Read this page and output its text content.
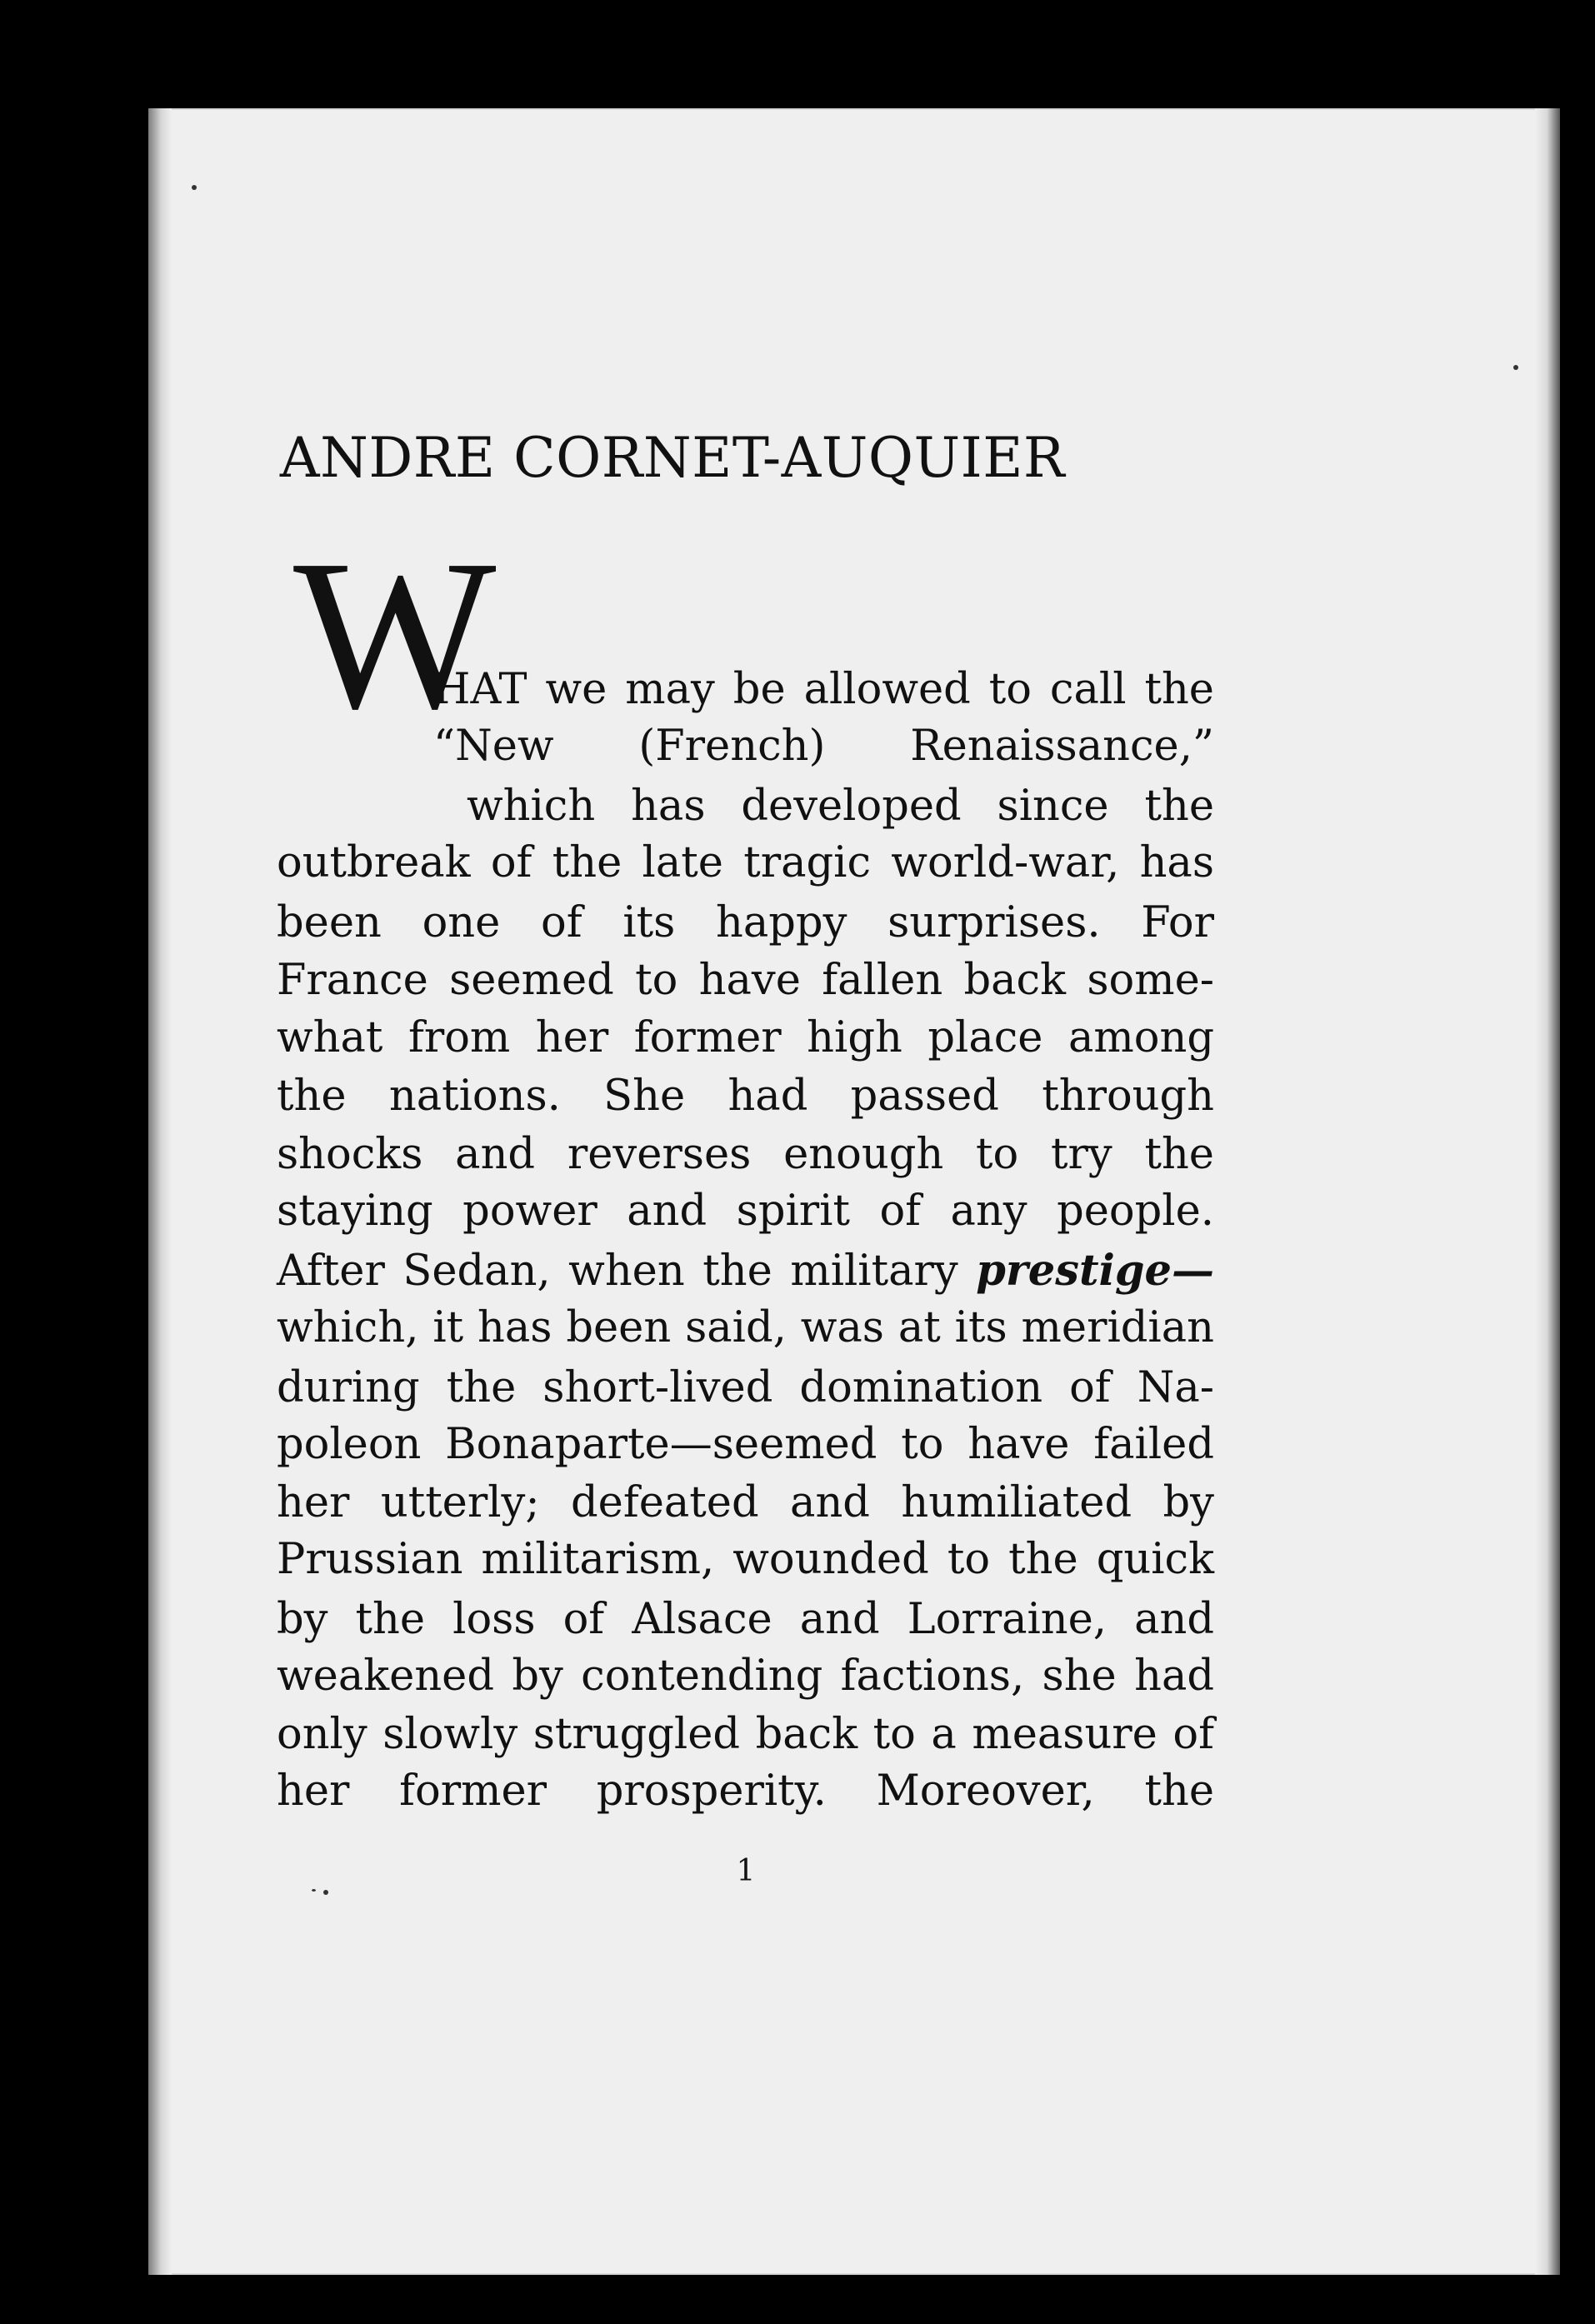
ANDRE CORNET-AUQUIER
W

HAT we may be allowed to call the

“New (French) Renaissance,”

which has developed since the

outbreak of the late tragic world-war, has

been one of its happy surprises. For

France seemed to have fallen back some-

what from her former high place among

the nations. She had passed through

shocks and reverses enough to try the

staying power and spirit of any people.

After Sedan, when the military prestige—

which, it has been said, was at its meridian

during the short-lived domination of Na-

poleon Bonaparte—seemed to have failed

her utterly; defeated and humiliated by

Prussian militarism, wounded to the quick

by the loss of Alsace and Lorraine, and

weakened by contending factions, she had

only slowly struggled back to a measure of

her former prosperity. Moreover, the

1
